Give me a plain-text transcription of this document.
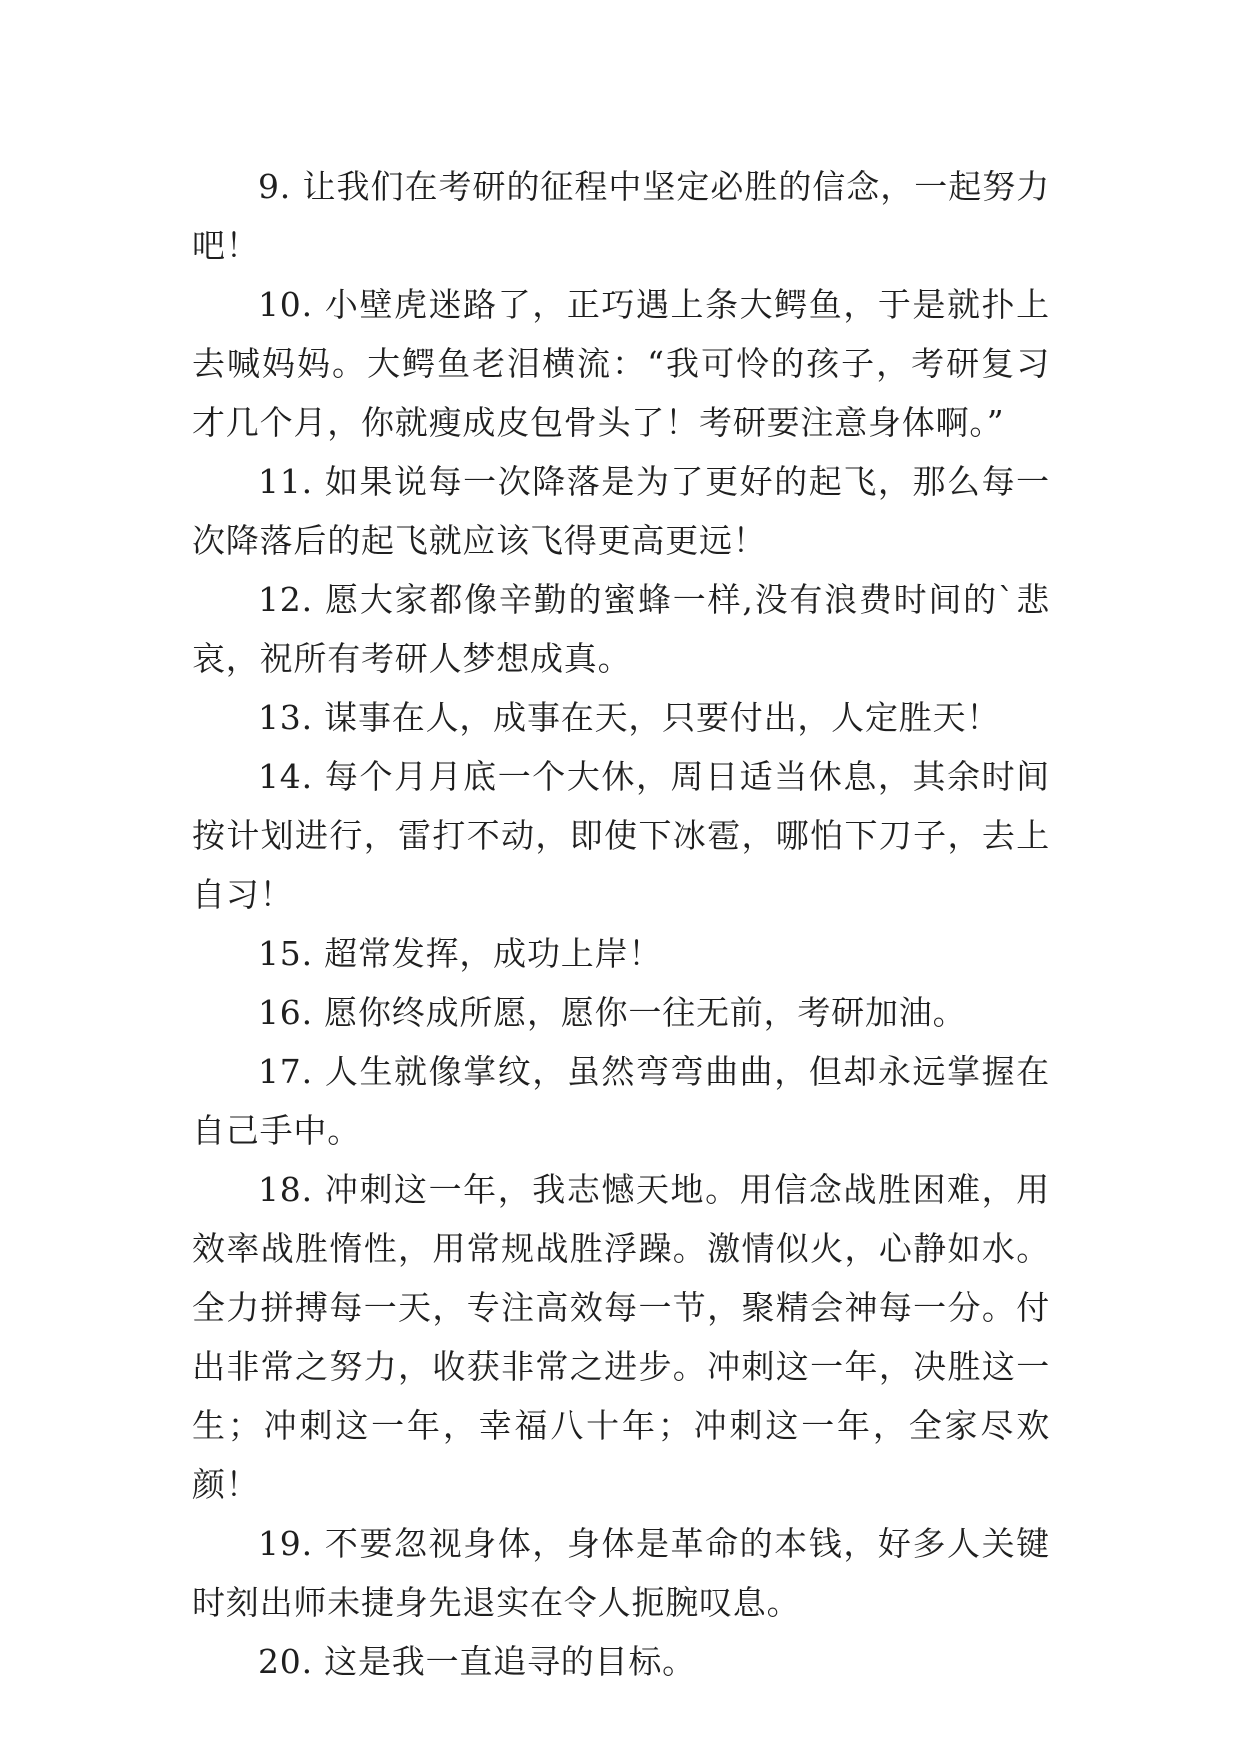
9. 让我们在考研的征程中坚定必胜的信念，一起努力吧！

10. 小壁虎迷路了，正巧遇上条大鳄鱼，于是就扑上去喊妈妈。大鳄鱼老泪横流：“我可怜的孩子，考研复习才几个月，你就瘦成皮包骨头了！考研要注意身体啊。”

11. 如果说每一次降落是为了更好的起飞，那么每一次降落后的起飞就应该飞得更高更远！

12. 愿大家都像辛勤的蜜蜂一样,没有浪费时间的`悲哀，祝所有考研人梦想成真。

13. 谋事在人，成事在天，只要付出，人定胜天！

14. 每个月月底一个大休，周日适当休息，其余时间按计划进行，雷打不动，即使下冰雹，哪怕下刀子，去上自习！

15. 超常发挥，成功上岸！

16. 愿你终成所愿，愿你一往无前，考研加油。

17. 人生就像掌纹，虽然弯弯曲曲，但却永远掌握在自己手中。

18. 冲刺这一年，我志憾天地。用信念战胜困难，用效率战胜惰性，用常规战胜浮躁。激情似火，心静如水。全力拼搏每一天，专注高效每一节，聚精会神每一分。付出非常之努力，收获非常之进步。冲刺这一年，决胜这一生；冲刺这一年，幸福八十年；冲刺这一年，全家尽欢颜！

19. 不要忽视身体，身体是革命的本钱，好多人关键时刻出师未捷身先退实在令人扼腕叹息。

20. 这是我一直追寻的目标。
